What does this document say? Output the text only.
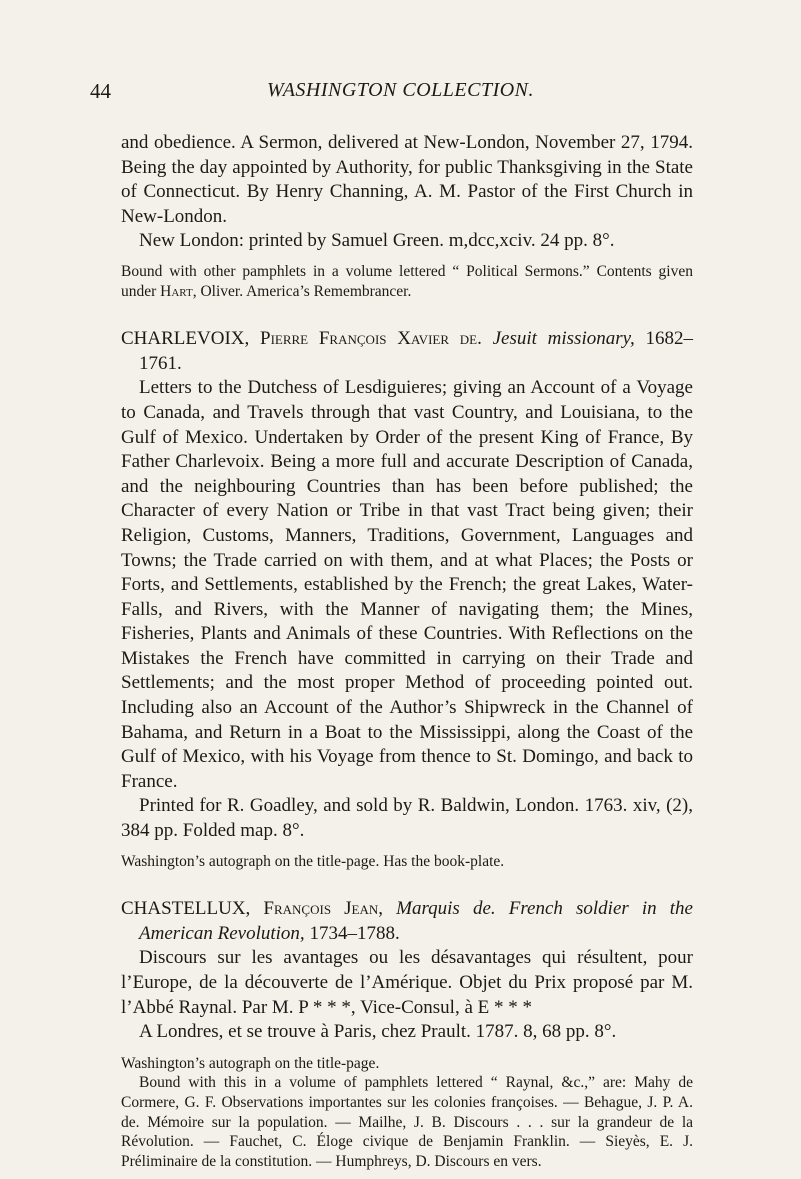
44	WASHINGTON COLLECTION.

and obedience. A Sermon, delivered at New-London, November 27, 1794. Being the day appointed by Authority, for public Thanksgiving in the State of Connecticut. By Henry Channing, A. M. Pastor of the First Church in New-London.

New London: printed by Samuel Green. m,dcc,xciv. 24 pp. 8°.

Bound with other pamphlets in a volume lettered “ Political Sermons.” Contents given under Hart, Oliver. America’s Remembrancer.

CHARLEVOIX, Pierre François Xavier de. Jesuit missionary, 1682–1761.

Letters to the Dutchess of Lesdiguieres; giving an Account of a Voyage to Canada, and Travels through that vast Country, and Louisiana, to the Gulf of Mexico. Undertaken by Order of the present King of France, By Father Charlevoix. Being a more full and accurate Description of Canada, and the neighbouring Countries than has been before published; the Character of every Nation or Tribe in that vast Tract being given; their Religion, Customs, Manners, Traditions, Government, Languages and Towns; the Trade carried on with them, and at what Places; the Posts or Forts, and Settlements, established by the French; the great Lakes, Water-Falls, and Rivers, with the Manner of navigating them; the Mines, Fisheries, Plants and Animals of these Countries. With Reflections on the Mistakes the French have committed in carrying on their Trade and Settlements; and the most proper Method of proceeding pointed out. Including also an Account of the Author’s Shipwreck in the Channel of Bahama, and Return in a Boat to the Mississippi, along the Coast of the Gulf of Mexico, with his Voyage from thence to St. Domingo, and back to France.

Printed for R. Goadley, and sold by R. Baldwin, London. 1763. xiv, (2), 384 pp. Folded map. 8°.

Washington’s autograph on the title-page. Has the book-plate.

CHASTELLUX, François Jean, Marquis de. French soldier in the American Revolution, 1734–1788.

Discours sur les avantages ou les désavantages qui résultent, pour l’Europe, de la découverte de l’Amérique. Objet du Prix proposé par M. l’Abbé Raynal. Par M. P * * *, Vice-Consul, à E * * *

A Londres, et se trouve à Paris, chez Prault. 1787. 8, 68 pp. 8°.

Washington’s autograph on the title-page.

Bound with this in a volume of pamphlets lettered “ Raynal, &c.,” are: Mahy de Cormere, G. F. Observations importantes sur les colonies françoises. — Behague, J. P. A. de. Mémoire sur la population. — Mailhe, J. B. Discours . . . sur la grandeur de la Révolution. — Fauchet, C. Éloge civique de Benjamin Franklin. — Sieyès, E. J. Préliminaire de la constitution. — Humphreys, D. Discours en vers.
